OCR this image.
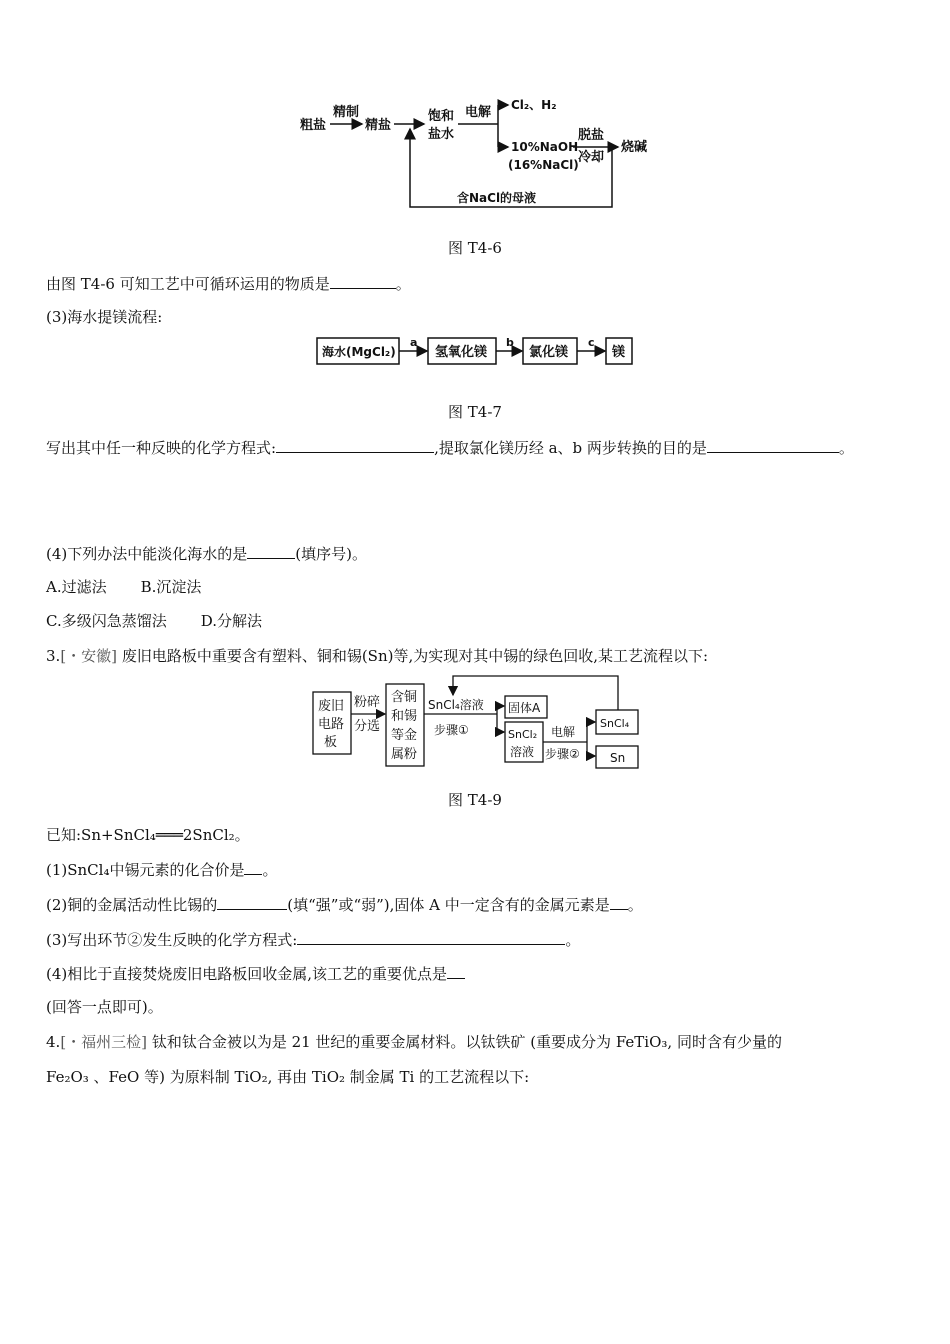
粗盐
精制
精盐
饱和
盐水
电解 Cl₂、H₂
10%NaOH
(16%NaCl)
脱盐
冷却
烧碱
含NaCl的母液
图 T4-6
由图 T4-6 可知工艺中可循环运用的物质是	。
(3)海水提镁流程:
海水(MgCl₂)
a
氢氧化镁
b
氯化镁
c
镁
图 T4-7
写出其中任一种反映的化学方程式:	,提取氯化镁历经 a、b 两步转换的目的是	。
(4)下列办法中能淡化海水的是	(填序号)。
A.过滤法 B.沉淀法
C.多级闪急蒸馏法 D.分解法
3.[・安徽] 废旧电路板中重要含有塑料、铜和锡(Sn)等,为实现对其中锡的绿色回收,某工艺流程以下:
废旧
电路
板
粉碎
分选
含铜
和锡
等金
属粉
SnCl₄溶液
步骤①
固体A
SnCl₂
溶液
电解
步骤②
SnCl₄
Sn
图 T4-9
已知:Sn+SnCl₄═══2SnCl₂。
(1)SnCl₄中锡元素的化合价是 。
(2)铜的金属活动性比锡的	(填“强”或“弱”),固体 A 中一定含有的金属元素是 。
(3)写出环节②发生反映的化学方程式:	。
(4)相比于直接焚烧废旧电路板回收金属,该工艺的重要优点是
(回答一点即可)。
4.[・福州三检] 钛和钛合金被以为是 21 世纪的重要金属材料。以钛铁矿 (重要成分为 FeTiO₃, 同时含有少量的
Fe₂O₃ 、FeO 等) 为原料制 TiO₂, 再由 TiO₂ 制金属 Ti 的工艺流程以下:
